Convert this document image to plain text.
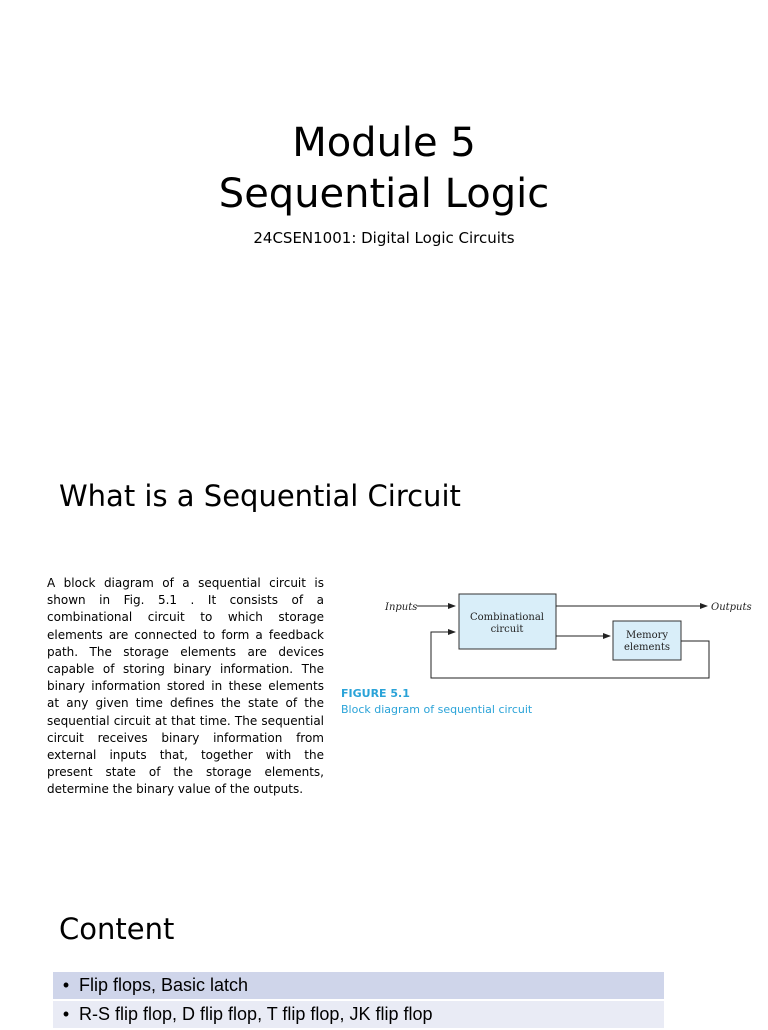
Module 5
Sequential Logic
24CSEN1001: Digital Logic Circuits
What is a Sequential Circuit
A block diagram of a sequential circuit is shown in Fig. 5.1 . It consists of a combinational circuit to which storage elements are connected to form a feedback path. The storage elements are devices capable of storing binary information. The binary information stored in these elements at any given time defines the state of the sequential circuit at that time. The sequential circuit receives binary information from external inputs that, together with the present state of the storage elements, determine the binary value of the outputs.
Inputs
Combinational
circuit
Outputs
Memory
elements
FIGURE 5.1
Block diagram of sequential circuit
Content
• Flip flops, Basic latch
• R-S flip flop, D flip flop, T flip flop, JK flip flop
